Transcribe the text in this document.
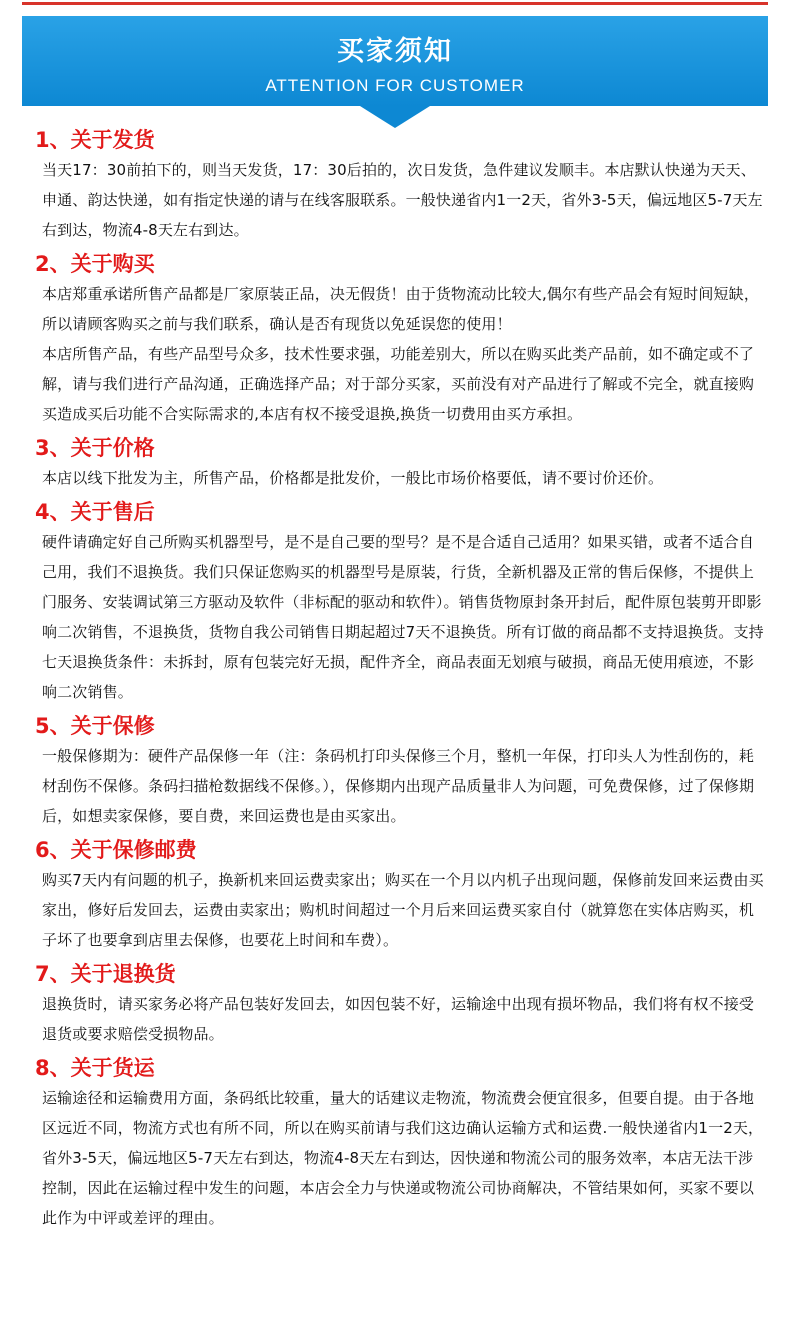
买家须知
ATTENTION FOR CUSTOMER
1、关于发货

当天17：30前拍下的，则当天发货，17：30后拍的，次日发货，急件建议发顺丰。本店默认快递为天天、申通、韵达快递，如有指定快递的请与在线客服联系。一般快递省内1一2天，省外3-5天，偏远地区5-7天左右到达，物流4-8天左右到达。

2、关于购买

本店郑重承诺所售产品都是厂家原装正品，决无假货！由于货物流动比较大,偶尔有些产品会有短时间短缺，所以请顾客购买之前与我们联系，确认是否有现货以免延误您的使用！

本店所售产品，有些产品型号众多，技术性要求强，功能差别大，所以在购买此类产品前，如不确定或不了解，请与我们进行产品沟通，正确选择产品；对于部分买家，买前没有对产品进行了解或不完全，就直接购买造成买后功能不合实际需求的,本店有权不接受退换,换货一切费用由买方承担。

3、关于价格

本店以线下批发为主，所售产品，价格都是批发价，一般比市场价格要低，请不要讨价还价。

4、关于售后

硬件请确定好自己所购买机器型号，是不是自己要的型号？是不是合适自己适用？如果买错，或者不适合自己用，我们不退换货。我们只保证您购买的机器型号是原装，行货，全新机器及正常的售后保修，不提供上门服务、安装调试第三方驱动及软件（非标配的驱动和软件）。销售货物原封条开封后，配件原包装剪开即影响二次销售，不退换货，货物自我公司销售日期起超过7天不退换货。所有订做的商品都不支持退换货。支持七天退换货条件：未拆封，原有包装完好无损，配件齐全，商品表面无划痕与破损，商品无使用痕迹，不影响二次销售。

5、关于保修

一般保修期为：硬件产品保修一年（注：条码机打印头保修三个月，整机一年保，打印头人为性刮伤的，耗材刮伤不保修。条码扫描枪数据线不保修。），保修期内出现产品质量非人为问题，可免费保修，过了保修期后，如想卖家保修，要自费，来回运费也是由买家出。

6、关于保修邮费

购买7天内有问题的机子，换新机来回运费卖家出；购买在一个月以内机子出现问题，保修前发回来运费由买家出，修好后发回去，运费由卖家出；购机时间超过一个月后来回运费买家自付（就算您在实体店购买，机子坏了也要拿到店里去保修，也要花上时间和车费）。

7、关于退换货

退换货时，请买家务必将产品包装好发回去，如因包装不好，运输途中出现有损坏物品，我们将有权不接受退货或要求赔偿受损物品。

8、关于货运

运输途径和运输费用方面，条码纸比较重，量大的话建议走物流，物流费会便宜很多，但要自提。由于各地区远近不同，物流方式也有所不同，所以在购买前请与我们这边确认运输方式和运费.一般快递省内1一2天，省外3-5天，偏远地区5-7天左右到达，物流4-8天左右到达，因快递和物流公司的服务效率，本店无法干涉控制，因此在运输过程中发生的问题，本店会全力与快递或物流公司协商解决，不管结果如何，买家不要以此作为中评或差评的理由。
